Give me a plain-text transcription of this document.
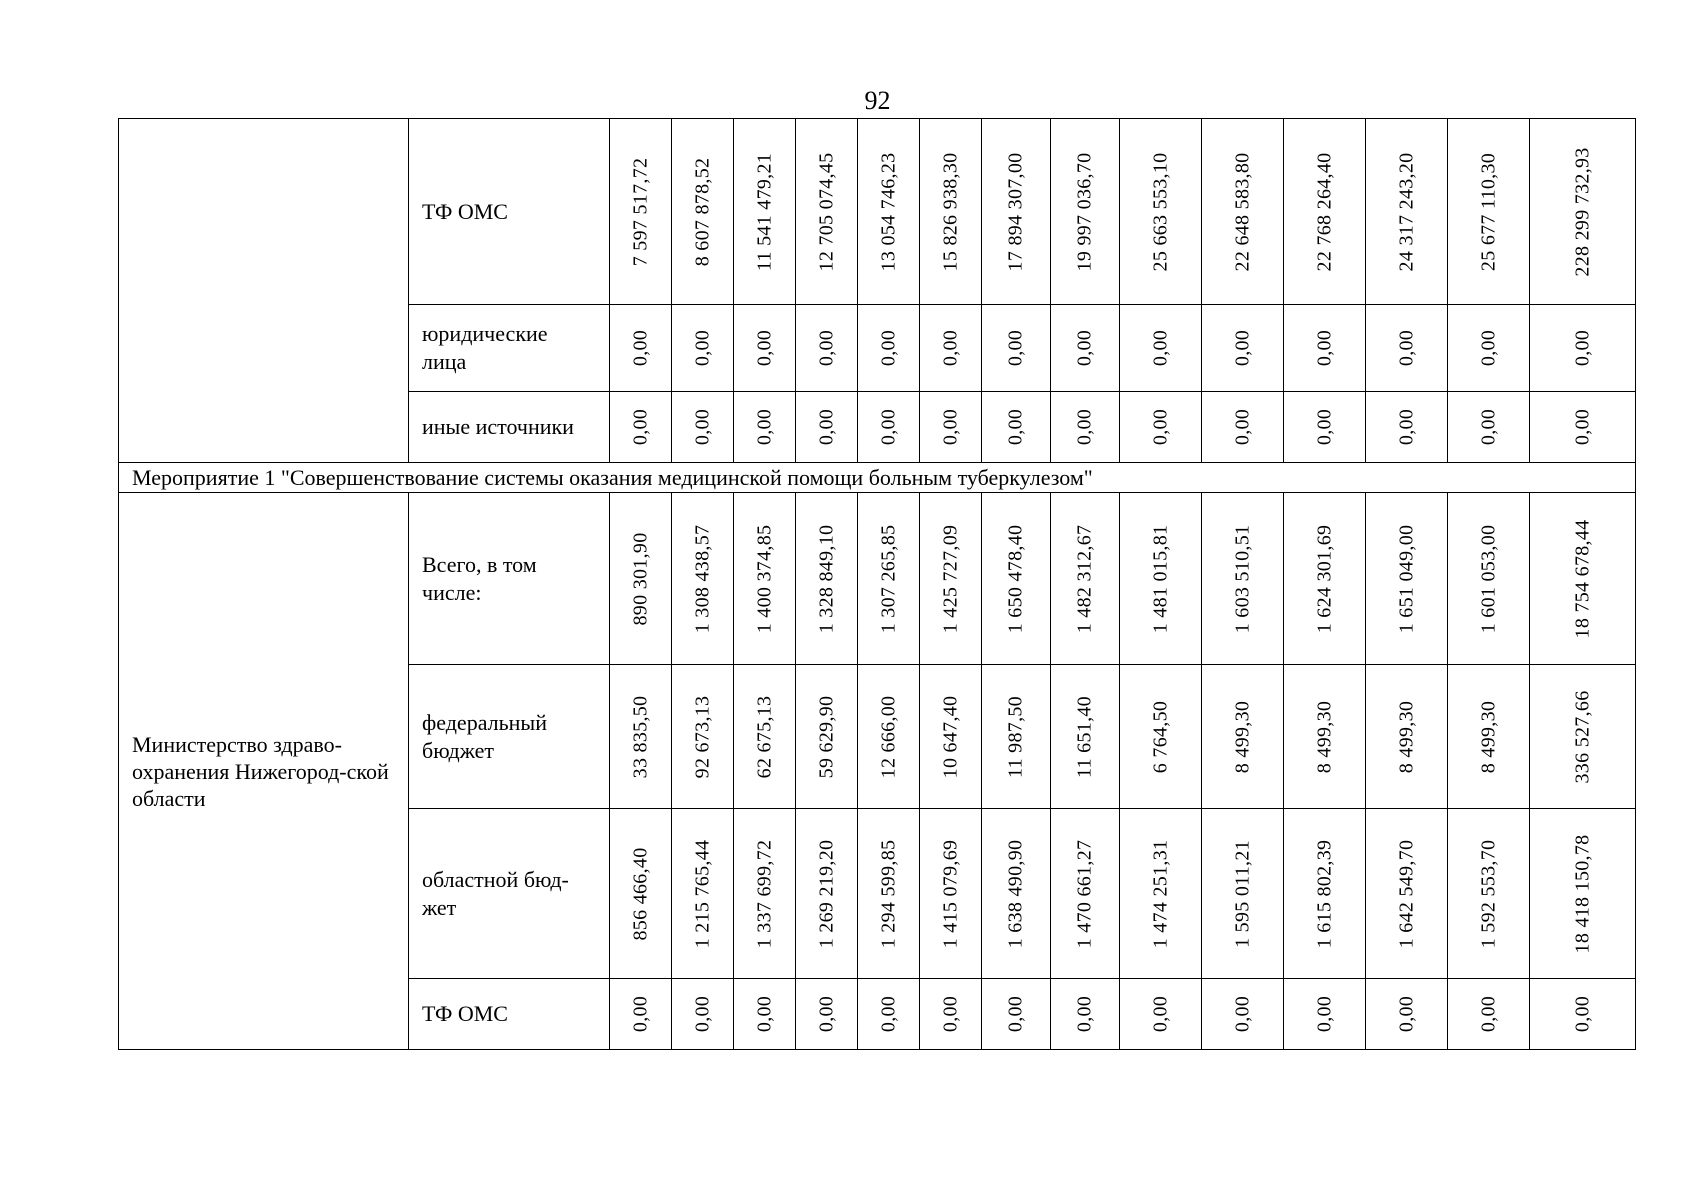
92
	ТФ ОМС	7 597 517,72	8 607 878,52	11 541 479,21	12 705 074,45	13 054 746,23	15 826 938,30	17 894 307,00	19 997 036,70	25 663 553,10	22 648 583,80	22 768 264,40	24 317 243,20	25 677 110,30	228 299 732,93

	юридические лица	0,00	0,00	0,00	0,00	0,00	0,00	0,00	0,00	0,00	0,00	0,00	0,00	0,00	0,00

	иные источники	0,00	0,00	0,00	0,00	0,00	0,00	0,00	0,00	0,00	0,00	0,00	0,00	0,00	0,00

Мероприятие 1 "Совершенствование системы оказания медицинской помощи больным туберкулезом"															
Министерство здраво-охранения Нижегород-ской области	Всего, в том числе:	890 301,90	1 308 438,57	1 400 374,85	1 328 849,10	1 307 265,85	1 425 727,09	1 650 478,40	1 482 312,67	1 481 015,81	1 603 510,51	1 624 301,69	1 651 049,00	1 601 053,00	18 754 678,44

	федеральный бюджет	33 835,50	92 673,13	62 675,13	59 629,90	12 666,00	10 647,40	11 987,50	11 651,40	6 764,50	8 499,30	8 499,30	8 499,30	8 499,30	336 527,66

	областной бюд-жет	856 466,40	1 215 765,44	1 337 699,72	1 269 219,20	1 294 599,85	1 415 079,69	1 638 490,90	1 470 661,27	1 474 251,31	1 595 011,21	1 615 802,39	1 642 549,70	1 592 553,70	18 418 150,78

	ТФ ОМС	0,00	0,00	0,00	0,00	0,00	0,00	0,00	0,00	0,00	0,00	0,00	0,00	0,00	0,00
